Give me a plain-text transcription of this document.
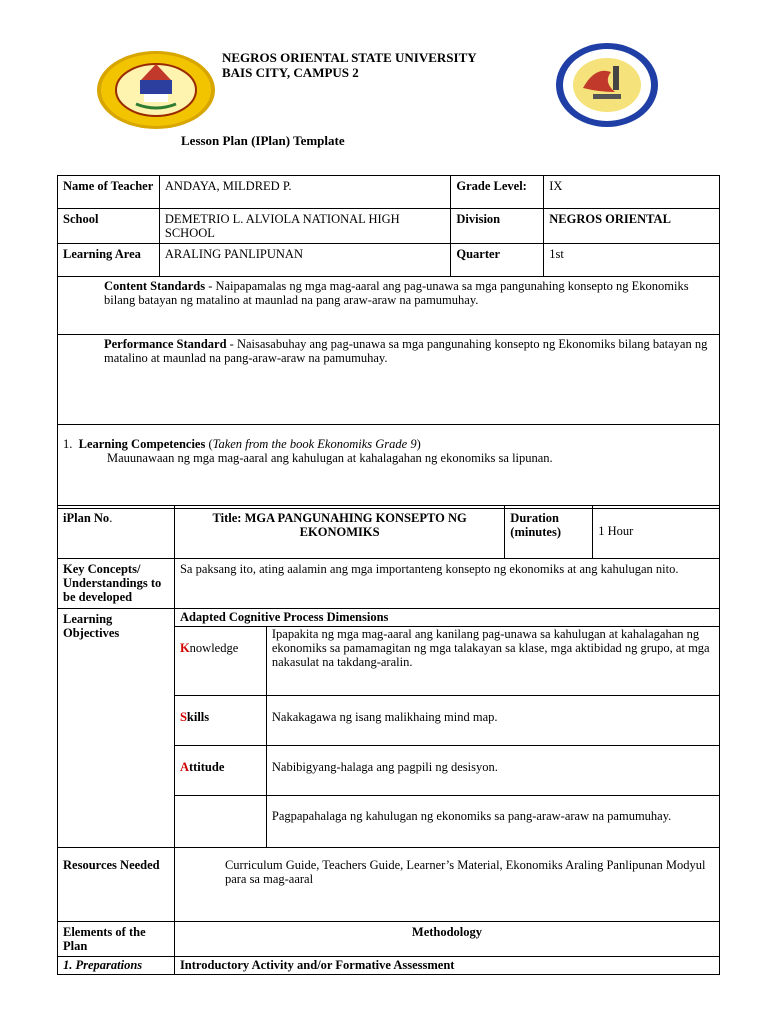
NEGROS ORIENTAL STATE UNIVERSITY
BAIS CITY, CAMPUS 2
Lesson Plan (IPlan) Template
Name of Teacher	ANDAYA, MILDRED P.	Grade Level:	IX
School	DEMETRIO L. ALVIOLA NATIONAL HIGH SCHOOL	Division	NEGROS ORIENTAL
Learning Area	ARALING PANLIPUNAN	Quarter	1st
Content Standards - Naipapamalas ng mga mag-aaral ang pag-unawa sa mga pangunahing konsepto ng Ekonomiks bilang batayan ng matalino at maunlad na pang araw-araw na pamumuhay.			
Performance Standard - Naisasabuhay ang pag-unawa sa mga pangunahing konsepto ng Ekonomiks bilang batayan ng matalino at maunlad na pang-araw-araw na pamumuhay.			

1. Learning Competencies (Taken from the book Ekonomiks Grade 9)
Mauunawaan ng mga mag-aaral ang kahulugan at kahalagahan ng ekonomiks sa lipunan.			
iPlan No.	Title: MGA PANGUNAHING KONSEPTO NG EKONOMIKS		Duration (minutes)	1 Hour
Key Concepts/ Understandings to be developed	Sa paksang ito, ating aalamin ang mga importanteng konsepto ng ekonomiks at ang kahulugan nito.			
Learning Objectives	Adapted Cognitive Process Dimensions			
	Knowledge	Ipapakita ng mga mag-aaral ang kanilang pag-unawa sa kahulugan at kahalagahan ng ekonomiks sa pamamagitan ng mga talakayan sa klase, mga aktibidad ng grupo, at mga nakasulat na takdang-aralin.		
	Skills	Nakakagawa ng isang malikhaing mind map.		
	Attitude	Nabibigyang-halaga ang pagpili ng desisyon.		
		Pagpapahalaga ng kahulugan ng ekonomiks sa pang-araw-araw na pamumuhay.		
Resources Needed	Curriculum Guide, Teachers Guide, Learner’s Material, Ekonomiks Araling Panlipunan Modyul para sa mag-aaral			
Elements of the Plan	Methodology			
1. Preparations	Introductory Activity and/or Formative Assessment			
